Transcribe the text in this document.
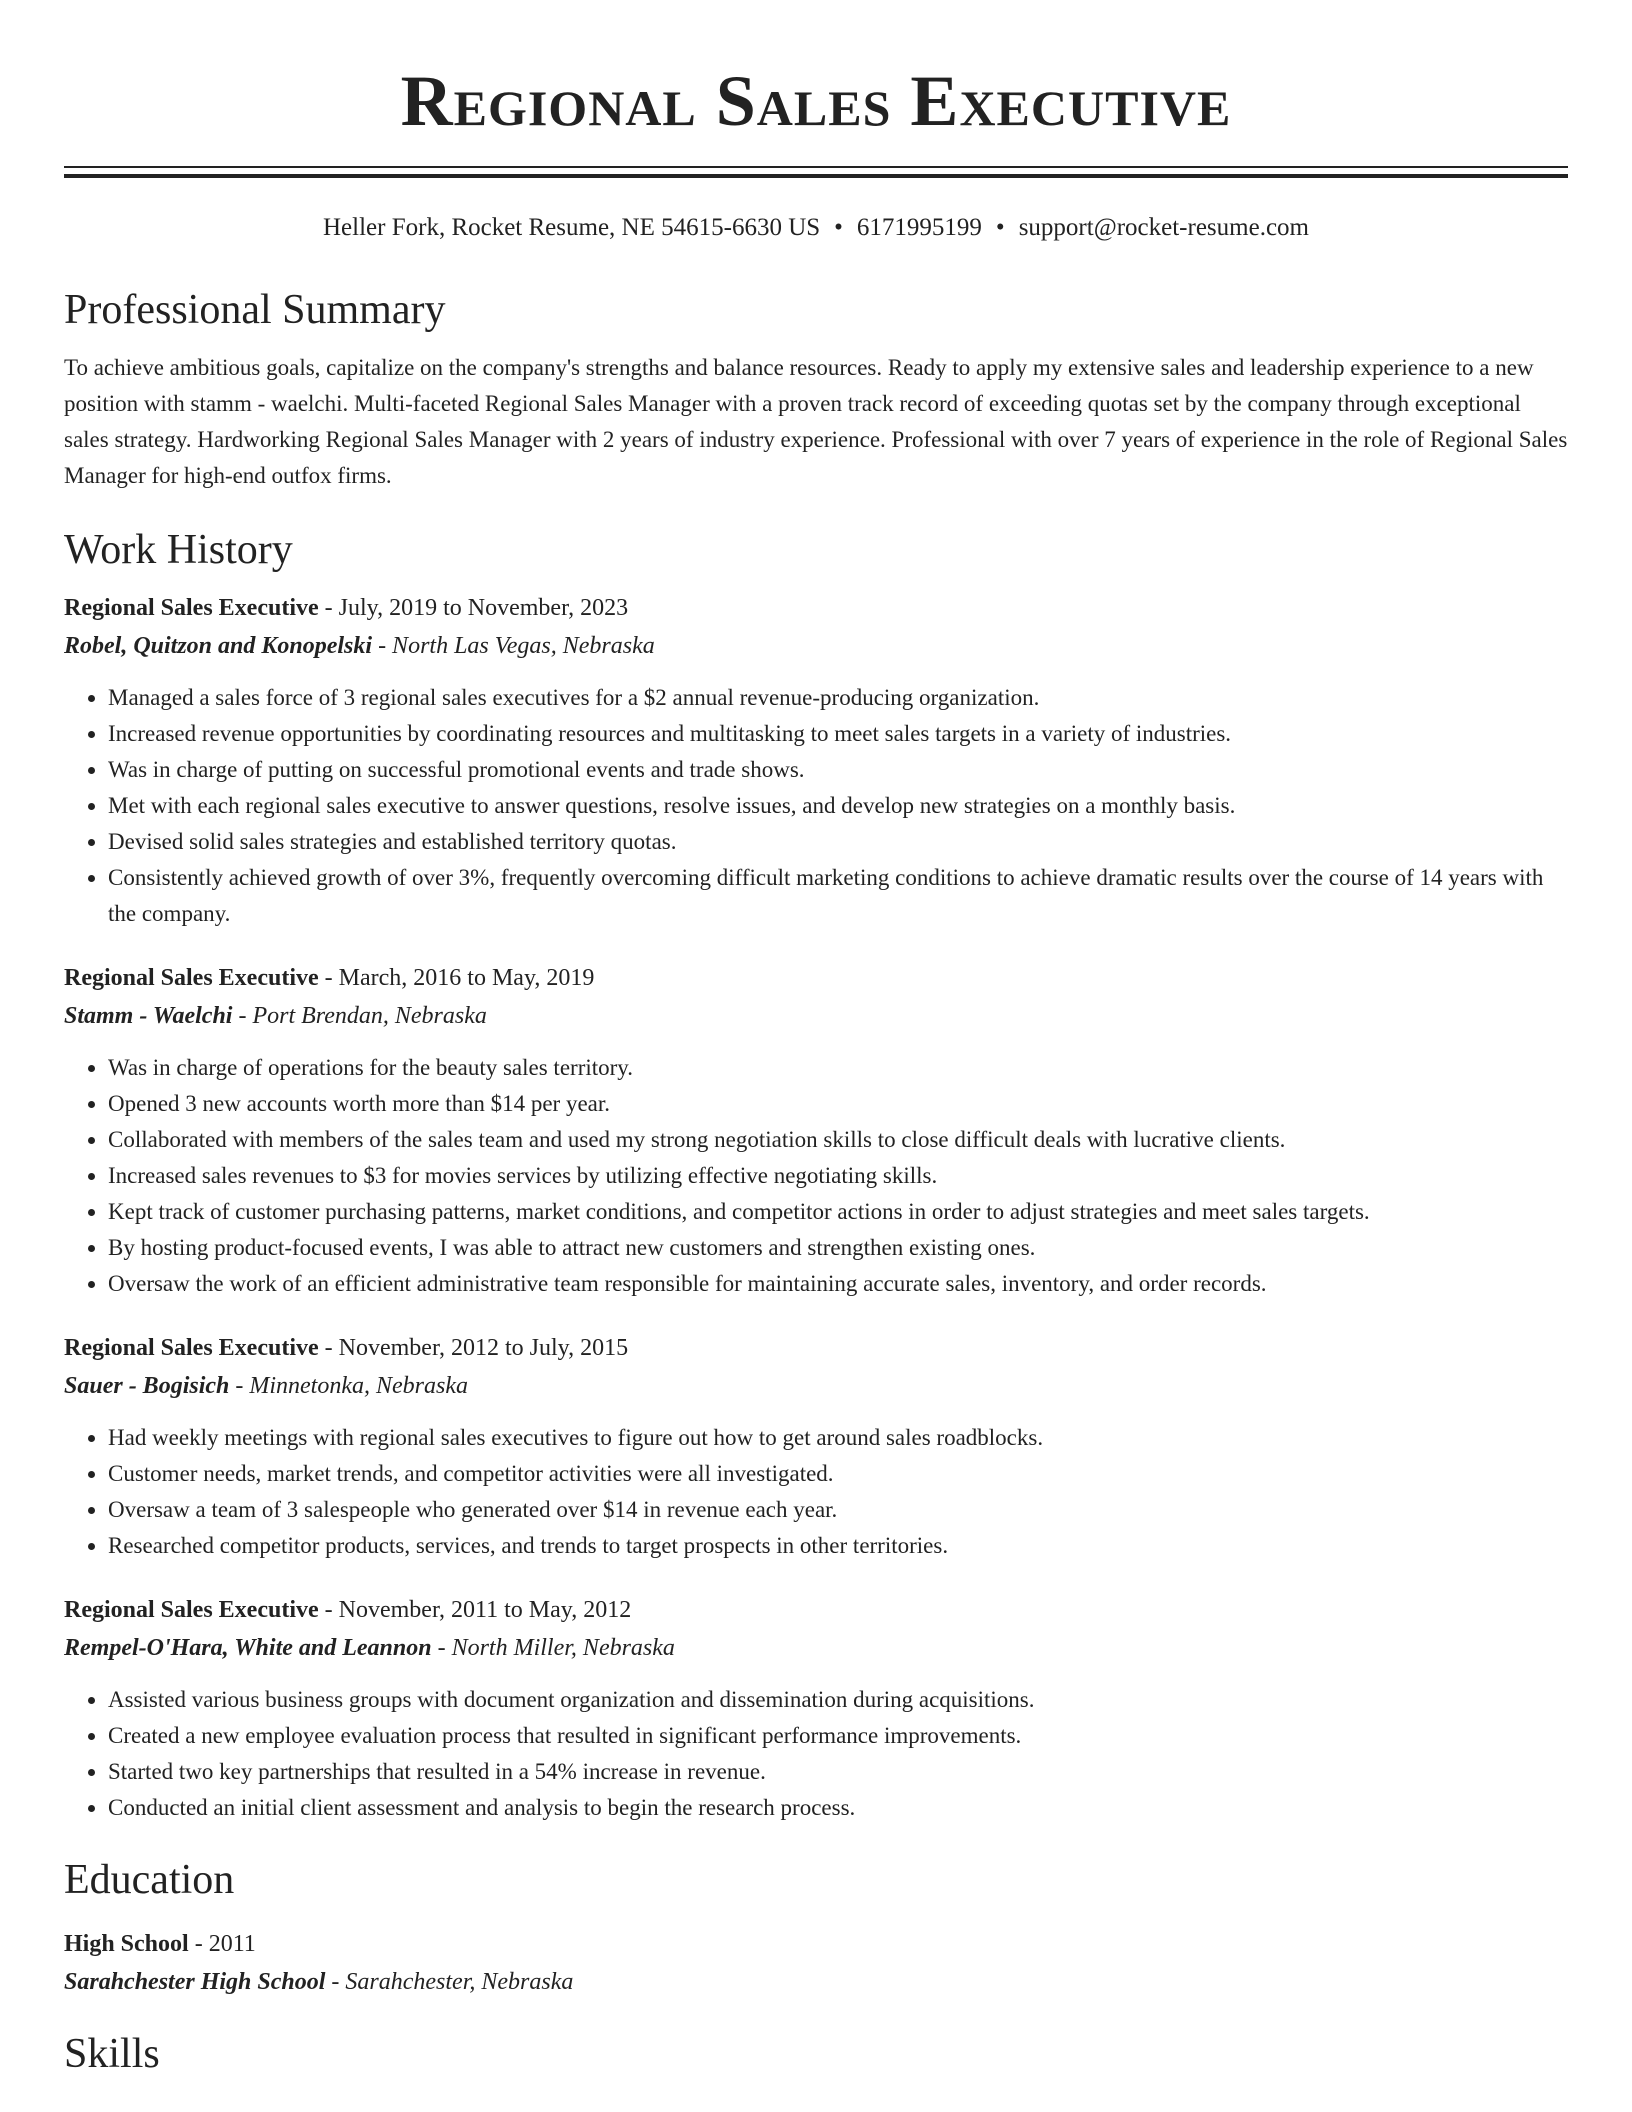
Regional Sales Executive
Heller Fork, Rocket Resume, NE 54615-6630 US • 6171995199 • support@rocket-resume.com
Professional Summary

To achieve ambitious goals, capitalize on the company's strengths and balance resources. Ready to apply my extensive sales and leadership experience to a new position with stamm - waelchi. Multi-faceted Regional Sales Manager with a proven track record of exceeding quotas set by the company through exceptional sales strategy. Hardworking Regional Sales Manager with 2 years of industry experience. Professional with over 7 years of experience in the role of Regional Sales Manager for high-end outfox firms.

Work History

Regional Sales Executive - July, 2019 to November, 2023

Robel, Quitzon and Konopelski - North Las Vegas, Nebraska

• Managed a sales force of 3 regional sales executives for a $2 annual revenue-producing organization.
• Increased revenue opportunities by coordinating resources and multitasking to meet sales targets in a variety of industries.
• Was in charge of putting on successful promotional events and trade shows.
• Met with each regional sales executive to answer questions, resolve issues, and develop new strategies on a monthly basis.
• Devised solid sales strategies and established territory quotas.
• Consistently achieved growth of over 3%, frequently overcoming difficult marketing conditions to achieve dramatic results over the course of 14 years with the company.

Regional Sales Executive - March, 2016 to May, 2019

Stamm - Waelchi - Port Brendan, Nebraska

• Was in charge of operations for the beauty sales territory.
• Opened 3 new accounts worth more than $14 per year.
• Collaborated with members of the sales team and used my strong negotiation skills to close difficult deals with lucrative clients.
• Increased sales revenues to $3 for movies services by utilizing effective negotiating skills.
• Kept track of customer purchasing patterns, market conditions, and competitor actions in order to adjust strategies and meet sales targets.
• By hosting product-focused events, I was able to attract new customers and strengthen existing ones.
• Oversaw the work of an efficient administrative team responsible for maintaining accurate sales, inventory, and order records.

Regional Sales Executive - November, 2012 to July, 2015

Sauer - Bogisich - Minnetonka, Nebraska

• Had weekly meetings with regional sales executives to figure out how to get around sales roadblocks.
• Customer needs, market trends, and competitor activities were all investigated.
• Oversaw a team of 3 salespeople who generated over $14 in revenue each year.
• Researched competitor products, services, and trends to target prospects in other territories.

Regional Sales Executive - November, 2011 to May, 2012

Rempel-O'Hara, White and Leannon - North Miller, Nebraska

• Assisted various business groups with document organization and dissemination during acquisitions.
• Created a new employee evaluation process that resulted in significant performance improvements.
• Started two key partnerships that resulted in a 54% increase in revenue.
• Conducted an initial client assessment and analysis to begin the research process.
Education

High School - 2011

Sarahchester High School - Sarahchester, Nebraska

Skills
